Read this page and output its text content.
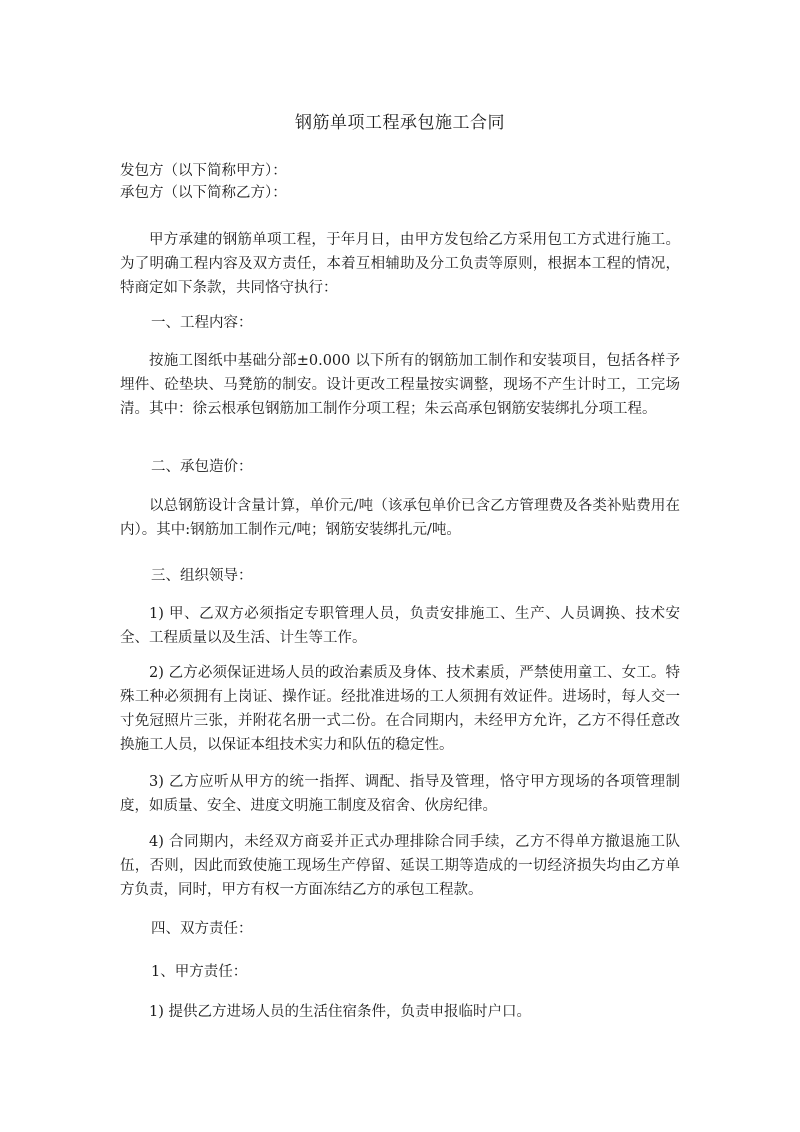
钢筋单项工程承包施工合同
发包方（以下简称甲方）：
承包方（以下简称乙方）：
甲方承建的钢筋单项工程，于年月日，由甲方发包给乙方采用包工方式进行施工。为了明确工程内容及双方责任，本着互相辅助及分工负责等原则，根据本工程的情况，特商定如下条款，共同恪守执行：
一、工程内容：
按施工图纸中基础分部±0.000 以下所有的钢筋加工制作和安装项目，包括各样予埋件、砼垫块、马凳筋的制安。设计更改工程量按实调整，现场不产生计时工，工完场清。其中：徐云根承包钢筋加工制作分项工程；朱云高承包钢筋安装绑扎分项工程。
二、承包造价：
以总钢筋设计含量计算，单价元/吨（该承包单价已含乙方管理费及各类补贴费用在内）。其中:钢筋加工制作元/吨；钢筋安装绑扎元/吨。
三、组织领导：
1) 甲、乙双方必须指定专职管理人员，负责安排施工、生产、人员调换、技术安全、工程质量以及生活、计生等工作。
2) 乙方必须保证进场人员的政治素质及身体、技术素质，严禁使用童工、女工。特殊工种必须拥有上岗证、操作证。经批准进场的工人须拥有效证件。进场时，每人交一寸免冠照片三张，并附花名册一式二份。在合同期内，未经甲方允许，乙方不得任意改换施工人员，以保证本组技术实力和队伍的稳定性。
3) 乙方应听从甲方的统一指挥、调配、指导及管理，恪守甲方现场的各项管理制度，如质量、安全、进度文明施工制度及宿舍、伙房纪律。
4) 合同期内，未经双方商妥并正式办理排除合同手续，乙方不得单方撤退施工队伍，否则，因此而致使施工现场生产停留、延误工期等造成的一切经济损失均由乙方单方负责，同时，甲方有权一方面冻结乙方的承包工程款。
四、双方责任：
1、甲方责任：
1) 提供乙方进场人员的生活住宿条件，负责申报临时户口。
